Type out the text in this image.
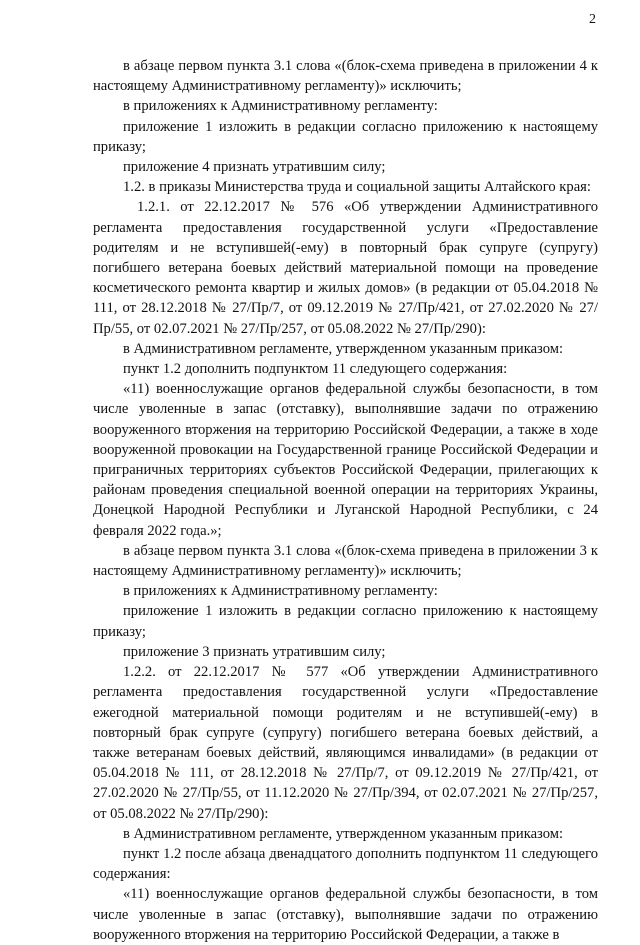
2

в абзаце первом пункта 3.1 слова «(блок-схема приведена в приложении 4 к настоящему Административному регламенту)» исключить;

в приложениях к Административному регламенту:

приложение 1 изложить в редакции согласно приложению к настоящему приказу;

приложение 4 признать утратившим силу;

1.2. в приказы Министерства труда и социальной защиты Алтайского края:

1.2.1. от 22.12.2017 № 576 «Об утверждении Административного регламента предоставления государственной услуги «Предоставление родителям и не вступившей(-ему) в повторный брак супруге (супругу) погибшего ветерана боевых действий материальной помощи на проведение косметического ремонта квартир и жилых домов» (в редакции от 05.04.2018 № 111, от 28.12.2018 № 27/Пр/7, от 09.12.2019 № 27/Пр/421, от 27.02.2020 № 27/Пр/55, от 02.07.2021 № 27/Пр/257, от 05.08.2022 № 27/Пр/290):

в Административном регламенте, утвержденном указанным приказом:

пункт 1.2 дополнить подпунктом 11 следующего содержания:

«11) военнослужащие органов федеральной службы безопасности, в том числе уволенные в запас (отставку), выполнявшие задачи по отражению вооруженного вторжения на территорию Российской Федерации, а также в ходе вооруженной провокации на Государственной границе Российской Федерации и приграничных территориях субъектов Российской Федерации, прилегающих к районам проведения специальной военной операции на территориях Украины, Донецкой Народной Республики и Луганской Народной Республики, с 24 февраля 2022 года.»;

в абзаце первом пункта 3.1 слова «(блок-схема приведена в приложении 3 к настоящему Административному регламенту)» исключить;

в приложениях к Административному регламенту:

приложение 1 изложить в редакции согласно приложению к настоящему приказу;

приложение 3 признать утратившим силу;

1.2.2. от 22.12.2017 № 577 «Об утверждении Административного регламента предоставления государственной услуги «Предоставление ежегодной материальной помощи родителям и не вступившей(-ему) в повторный брак супруге (супругу) погибшего ветерана боевых действий, а также ветеранам боевых действий, являющимся инвалидами» (в редакции от 05.04.2018 № 111, от 28.12.2018 № 27/Пр/7, от 09.12.2019 № 27/Пр/421, от 27.02.2020 № 27/Пр/55, от 11.12.2020 № 27/Пр/394, от 02.07.2021 № 27/Пр/257, от 05.08.2022 № 27/Пр/290):

в Административном регламенте, утвержденном указанным приказом:

пункт 1.2 после абзаца двенадцатого дополнить подпунктом 11 следующего содержания:

«11) военнослужащие органов федеральной службы безопасности, в том числе уволенные в запас (отставку), выполнявшие задачи по отражению вооруженного вторжения на территорию Российской Федерации, а также в
